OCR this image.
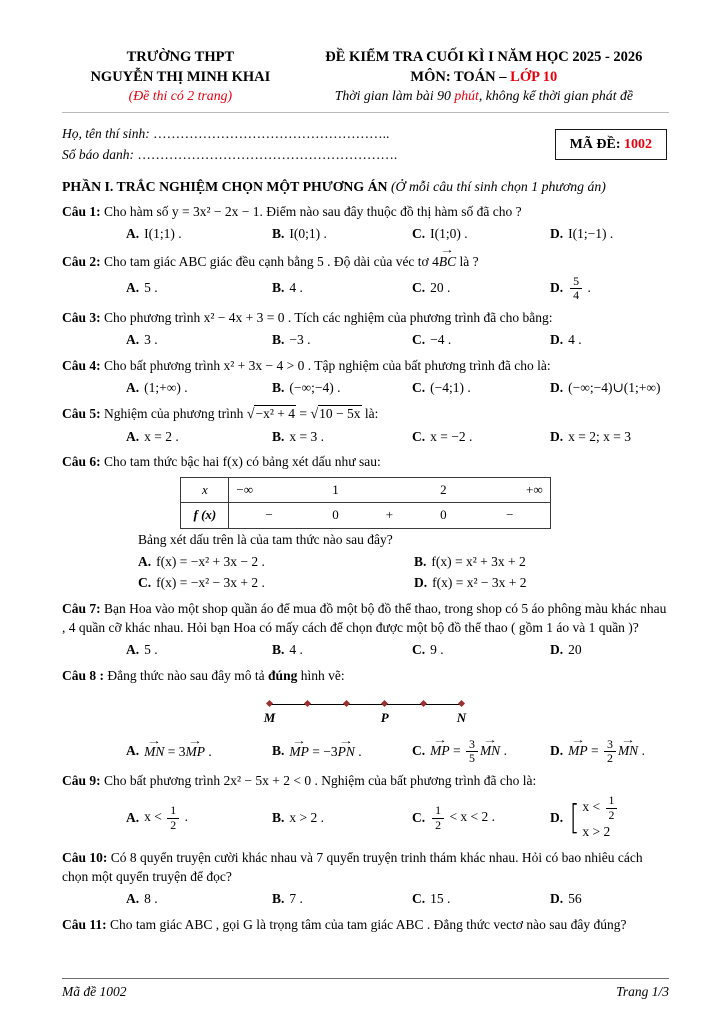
TRƯỜNG THPT
NGUYỄN THỊ MINH KHAI
(Đề thi có 2 trang)
ĐỀ KIỂM TRA CUỐI KÌ I NĂM HỌC 2025 - 2026
MÔN: TOÁN – LỚP 10
Thời gian làm bài 90 phút, không kể thời gian phát đề
Họ, tên thí sinh: ……………………………………………..
Số báo danh: ………………………………………………….
MÃ ĐỀ: 1002
PHẦN I. TRẮC NGHIỆM CHỌN MỘT PHƯƠNG ÁN (Ở mỗi câu thí sinh chọn 1 phương án)

Câu 1: Cho hàm số y = 3x² − 2x − 1. Điểm nào sau đây thuộc đồ thị hàm số đã cho ?

A. I(1;1) .	B. I(0;1) .	C. I(1;0) .	D. I(1;−1) .

Câu 2: Cho tam giác ABC giác đều cạnh bằng 5 . Độ dài của véc tơ 4BC → là ?

A. 5 .	B. 4 .	C. 20 .	D. $\frac{5}{4}$ .

Câu 3: Cho phương trình x² − 4x + 3 = 0 . Tích các nghiệm của phương trình đã cho bằng:

A. 3 .	B. −3 .	C. −4 .	D. 4 .

Câu 4: Cho bất phương trình x² + 3x − 4 > 0 . Tập nghiệm của bất phương trình đã cho là:

A. (1;+∞) .	B. (−∞;−4) .	C. (−4;1) .	D. (−∞;−4)∪(1;+∞)

Câu 5: Nghiệm của phương trình √−x² + 4 = √10 − 5x là:

A. x = 2 .	B. x = 3 .	C. x = −2 .	D. x = 2; x = 3

Câu 6: Cho tam thức bậc hai f(x) có bảng xét dấu như sau:

x	−∞	1		2	+∞
f (x)	−	0	+	0	−

Bảng xét dấu trên là của tam thức nào sau đây?

A. f(x) = −x² + 3x − 2 .	B. f(x) = x² + 3x + 2
C. f(x) = −x² − 3x + 2 .	D. f(x) = x² − 3x + 2

Câu 7: Bạn Hoa vào một shop quần áo để mua đồ một bộ đồ thể thao, trong shop có 5 áo phông màu khác nhau , 4 quần cỡ khác nhau. Hỏi bạn Hoa có mấy cách để chọn được một bộ đồ thể thao ( gồm 1 áo và 1 quần )?

A. 5 .	B. 4 .	C. 9 .	D. 20

Câu 8 : Đẳng thức nào sau đây mô tả đúng hình vẽ:

M	P	N
A. MN → = 3MP → .	B. MP → = −3PN → .	C. MP → = $\frac{3}{5}$ MN → .	D. MP → = $\frac{3}{2}$ MN → .

Câu 9: Cho bất phương trình 2x² − 5x + 2 < 0 . Nghiệm của bất phương trình đã cho là:

A. $x < \frac{1}{2}$ .	B. x > 2 .	C. $\frac{1}{2} < x < 2$ .	D. [ $x < \frac{1}{2}$
x > 2

Câu 10: Có 8 quyển truyện cười khác nhau và 7 quyển truyện trinh thám khác nhau. Hỏi có bao nhiêu cách chọn một quyển truyện để đọc?

A. 8 .	B. 7 .	C. 15 .	D. 56

Câu 11: Cho tam giác ABC , gọi G là trọng tâm của tam giác ABC . Đẳng thức vectơ nào sau đây đúng?

Mã đề 1002	Trang 1/3
